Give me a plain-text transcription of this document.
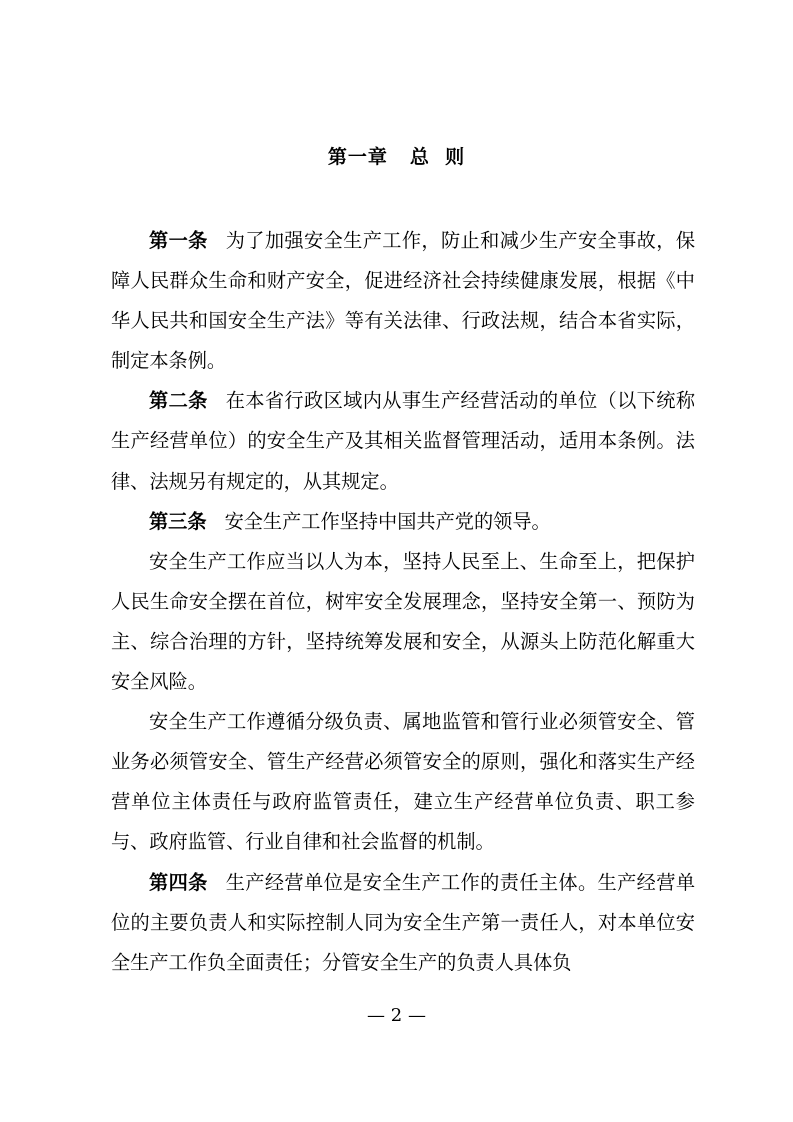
第一章 总  则

第一条 为了加强安全生产工作，防止和减少生产安全事故，保障人民群众生命和财产安全，促进经济社会持续健康发展，根据《中华人民共和国安全生产法》等有关法律、行政法规，结合本省实际，制定本条例。

第二条 在本省行政区域内从事生产经营活动的单位（以下统称生产经营单位）的安全生产及其相关监督管理活动，适用本条例。法律、法规另有规定的，从其规定。

第三条 安全生产工作坚持中国共产党的领导。

安全生产工作应当以人为本，坚持人民至上、生命至上，把保护人民生命安全摆在首位，树牢安全发展理念，坚持安全第一、预防为主、综合治理的方针，坚持统筹发展和安全，从源头上防范化解重大安全风险。

安全生产工作遵循分级负责、属地监管和管行业必须管安全、管业务必须管安全、管生产经营必须管安全的原则，强化和落实生产经营单位主体责任与政府监管责任，建立生产经营单位负责、职工参与、政府监管、行业自律和社会监督的机制。

第四条 生产经营单位是安全生产工作的责任主体。生产经营单位的主要负责人和实际控制人同为安全生产第一责任人，对本单位安全生产工作负全面责任；分管安全生产的负责人具体负

— 2 —
